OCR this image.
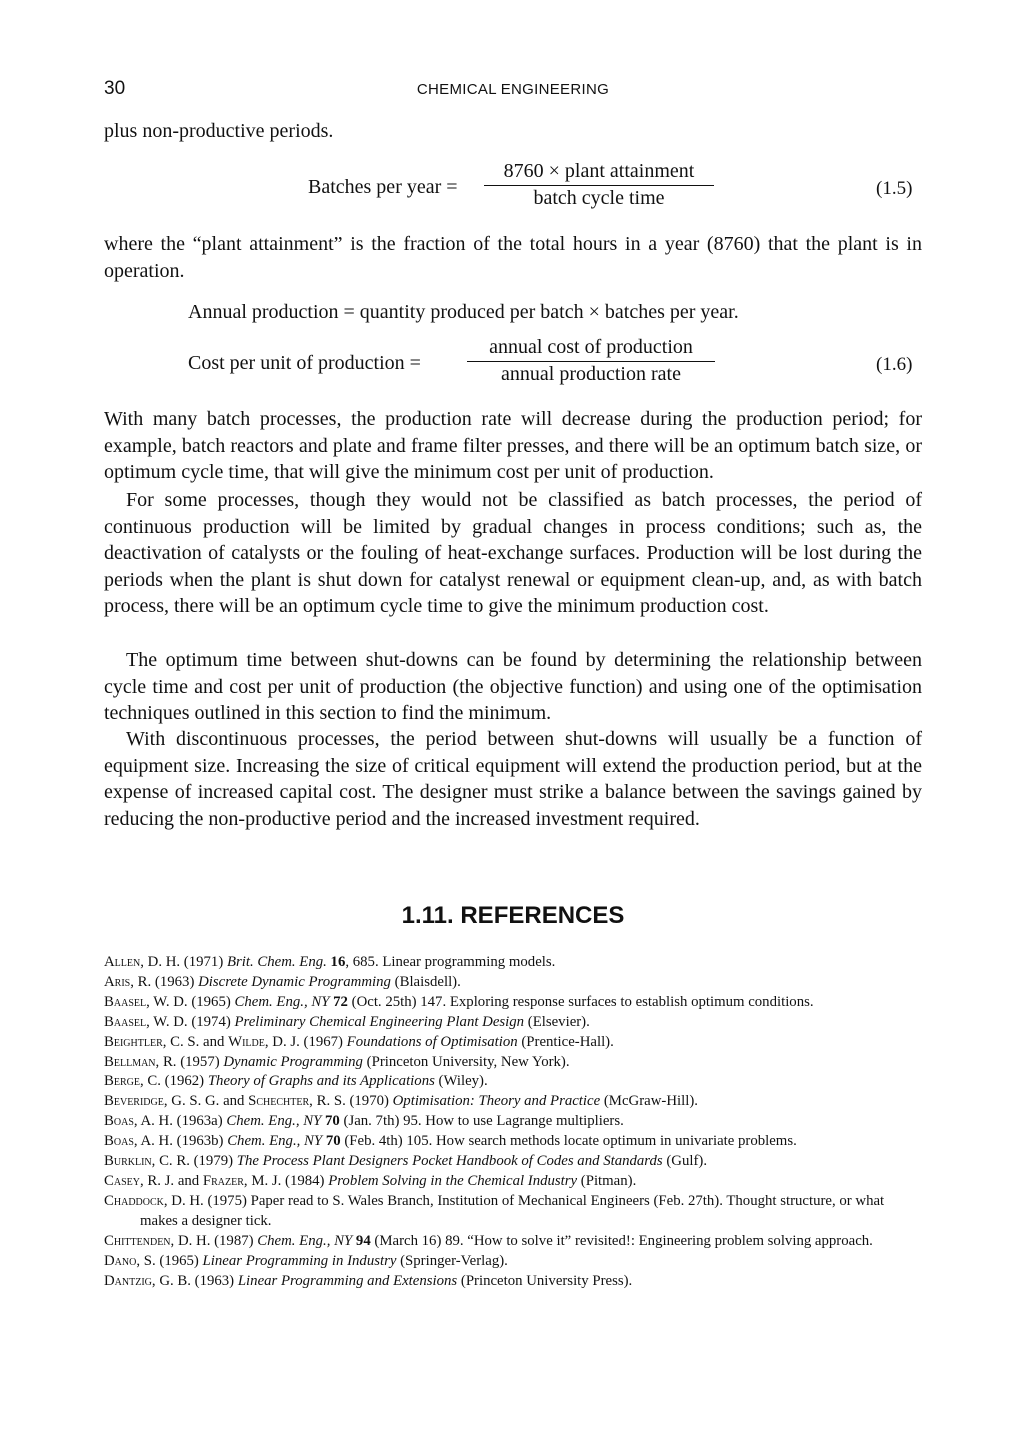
30	CHEMICAL ENGINEERING
plus non-productive periods.
Batches per year =
8760 × plant attainment
batch cycle time	(1.5)
where the “plant attainment” is the fraction of the total hours in a year (8760) that the plant is in operation.
Annual production = quantity produced per batch × batches per year.
Cost per unit of production =
annual cost of production
annual production rate	(1.6)
With many batch processes, the production rate will decrease during the production period; for example, batch reactors and plate and frame filter presses, and there will be an optimum batch size, or optimum cycle time, that will give the minimum cost per unit of production.
For some processes, though they would not be classified as batch processes, the period of continuous production will be limited by gradual changes in process conditions; such as, the deactivation of catalysts or the fouling of heat-exchange surfaces. Production will be lost during the periods when the plant is shut down for catalyst renewal or equipment clean-up, and, as with batch process, there will be an optimum cycle time to give the minimum production cost.
The optimum time between shut-downs can be found by determining the relationship between cycle time and cost per unit of production (the objective function) and using one of the optimisation techniques outlined in this section to find the minimum.
With discontinuous processes, the period between shut-downs will usually be a function of equipment size. Increasing the size of critical equipment will extend the production period, but at the expense of increased capital cost. The designer must strike a balance between the savings gained by reducing the non-productive period and the increased investment required.
1.11. REFERENCES
Allen, D. H. (1971) Brit. Chem. Eng. 16, 685. Linear programming models.
Aris, R. (1963) Discrete Dynamic Programming (Blaisdell).
Baasel, W. D. (1965) Chem. Eng., NY 72 (Oct. 25th) 147. Exploring response surfaces to establish optimum conditions.
Baasel, W. D. (1974) Preliminary Chemical Engineering Plant Design (Elsevier).
Beightler, C. S. and Wilde, D. J. (1967) Foundations of Optimisation (Prentice-Hall).
Bellman, R. (1957) Dynamic Programming (Princeton University, New York).
Berge, C. (1962) Theory of Graphs and its Applications (Wiley).
Beveridge, G. S. G. and Schechter, R. S. (1970) Optimisation: Theory and Practice (McGraw-Hill).
Boas, A. H. (1963a) Chem. Eng., NY 70 (Jan. 7th) 95. How to use Lagrange multipliers.
Boas, A. H. (1963b) Chem. Eng., NY 70 (Feb. 4th) 105. How search methods locate optimum in univariate problems.
Burklin, C. R. (1979) The Process Plant Designers Pocket Handbook of Codes and Standards (Gulf).
Casey, R. J. and Frazer, M. J. (1984) Problem Solving in the Chemical Industry (Pitman).
Chaddock, D. H. (1975) Paper read to S. Wales Branch, Institution of Mechanical Engineers (Feb. 27th). Thought structure, or what makes a designer tick.
Chittenden, D. H. (1987) Chem. Eng., NY 94 (March 16) 89. “How to solve it” revisited!: Engineering problem solving approach.
Dano, S. (1965) Linear Programming in Industry (Springer-Verlag).
Dantzig, G. B. (1963) Linear Programming and Extensions (Princeton University Press).
